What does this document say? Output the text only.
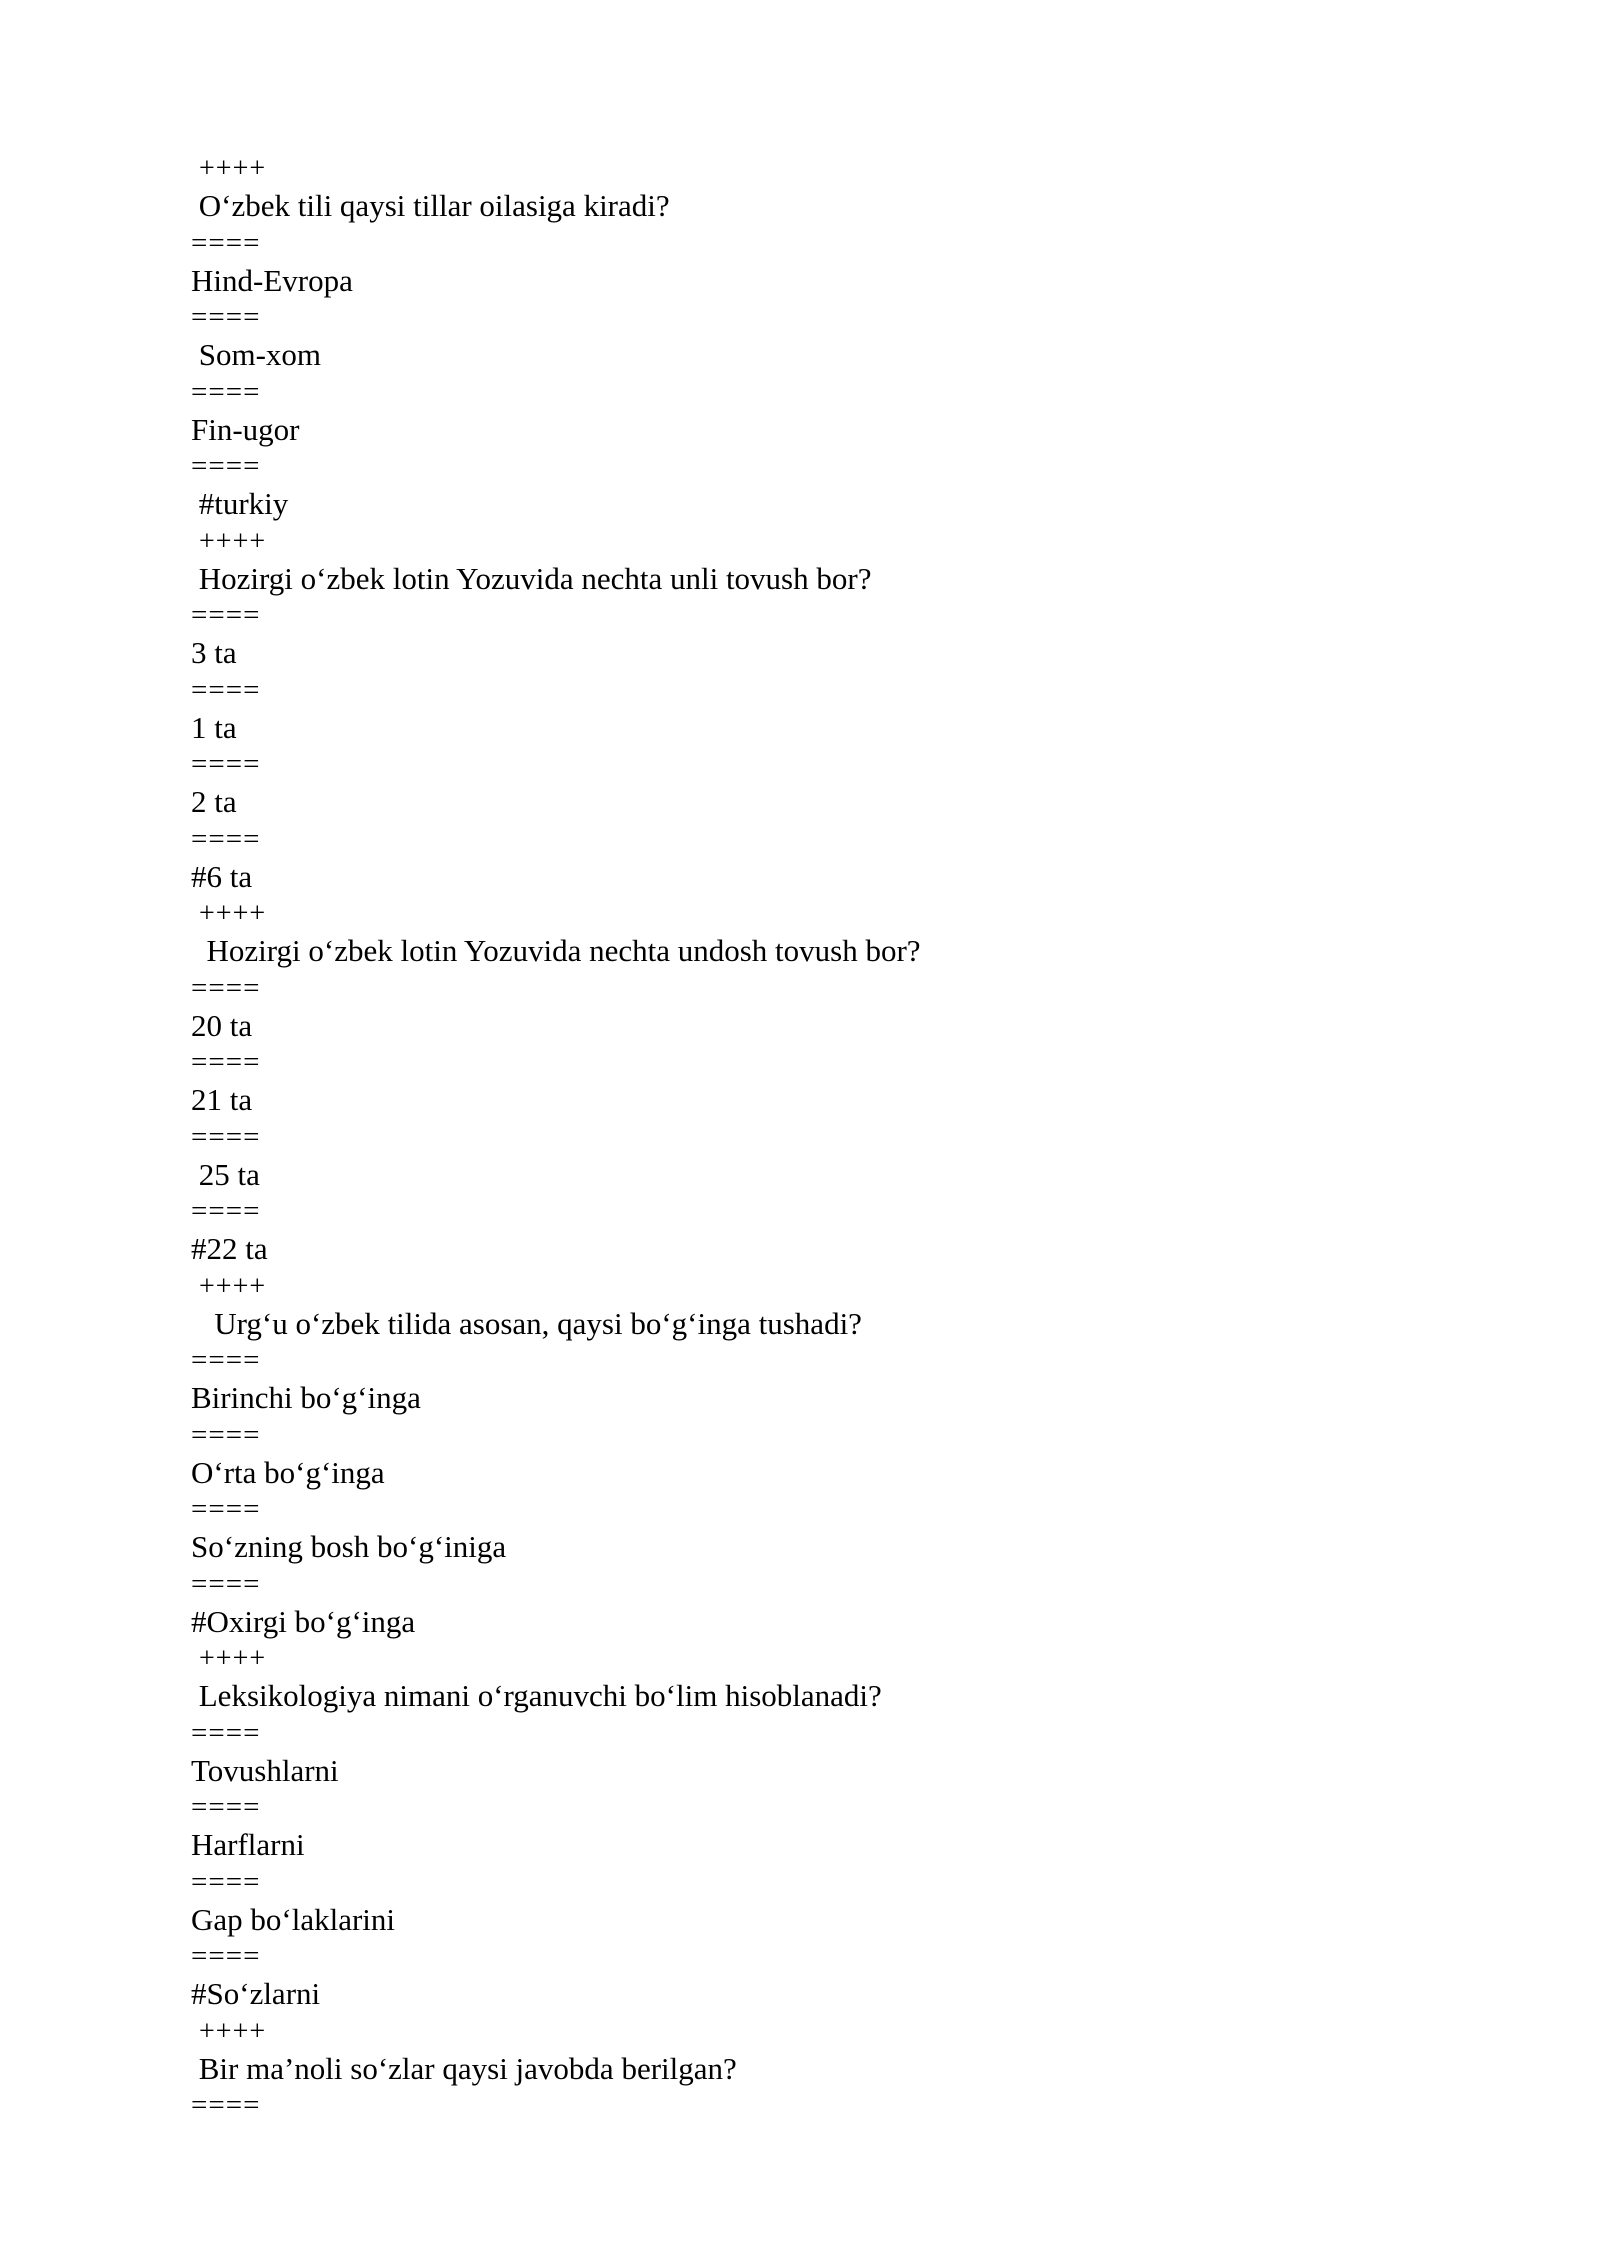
++++
O‘zbek tili qaysi tillar oilasiga kiradi?
====
Hind-Evropa
====
Som-xom
====
Fin-ugor
====
#turkiy
++++
Hozirgi o‘zbek lotin Yozuvida nechta unli tovush bor?
====
3 ta
====
1 ta
====
2 ta
====
#6 ta
++++
Hozirgi o‘zbek lotin Yozuvida nechta undosh tovush bor?
====
20 ta
====
21 ta
====
25 ta
====
#22 ta
++++
Urg‘u o‘zbek tilida asosan, qaysi bo‘g‘inga tushadi?
====
Birinchi bo‘g‘inga
====
O‘rta bo‘g‘inga
====
So‘zning bosh bo‘g‘iniga
====
#Oxirgi bo‘g‘inga
++++
Leksikologiya nimani o‘rganuvchi bo‘lim hisoblanadi?
====
Tovushlarni
====
Harflarni
====
Gap bo‘laklarini
====
#So‘zlarni
++++
Bir ma’noli so‘zlar qaysi javobda berilgan?
====
